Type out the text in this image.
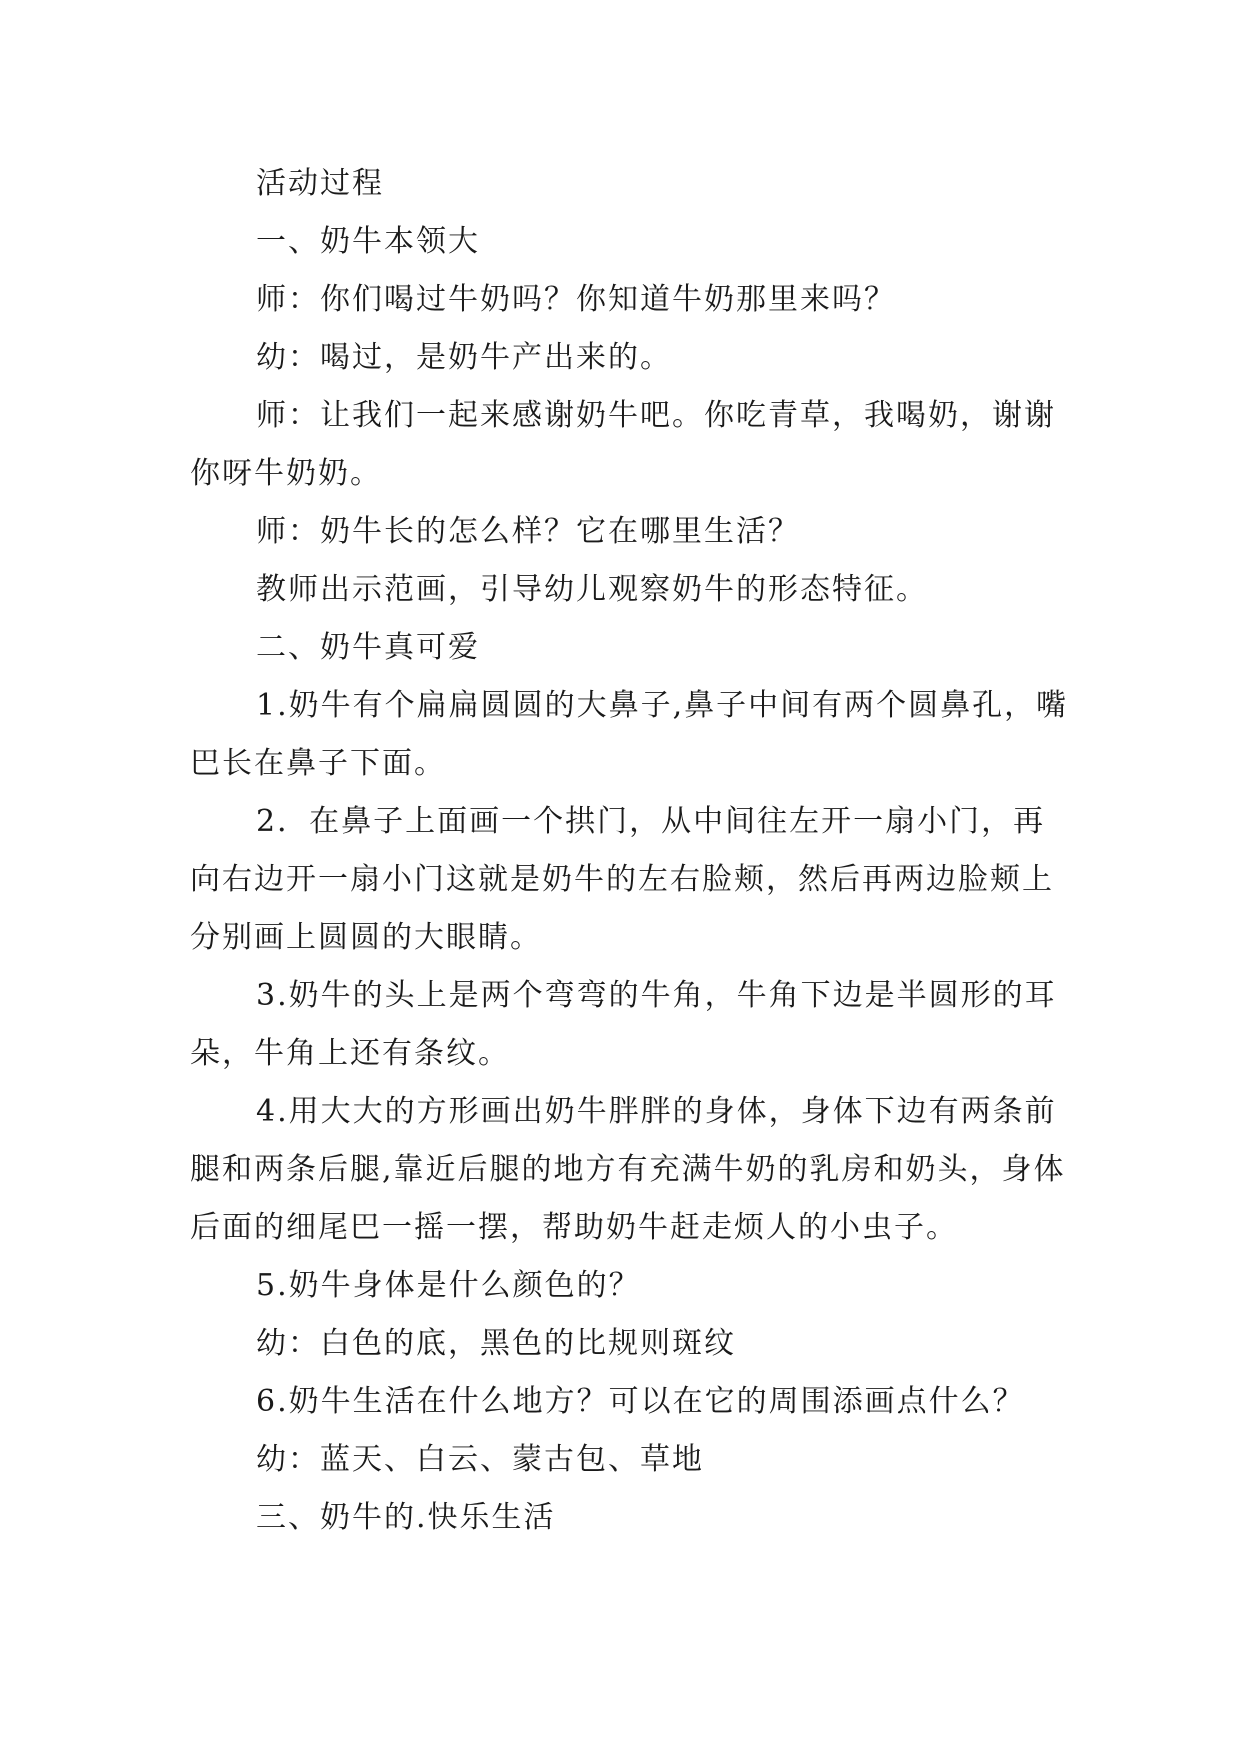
活动过程

一、奶牛本领大

师：你们喝过牛奶吗？你知道牛奶那里来吗？

幼：喝过，是奶牛产出来的。

师：让我们一起来感谢奶牛吧。你吃青草，我喝奶，谢谢你呀牛奶奶。

师：奶牛长的怎么样？它在哪里生活？

教师出示范画，引导幼儿观察奶牛的形态特征。

二、奶牛真可爱

1.奶牛有个扁扁圆圆的大鼻子,鼻子中间有两个圆鼻孔，嘴巴长在鼻子下面。

2．在鼻子上面画一个拱门，从中间往左开一扇小门，再向右边开一扇小门这就是奶牛的左右脸颊，然后再两边脸颊上分别画上圆圆的大眼睛。

3.奶牛的头上是两个弯弯的牛角，牛角下边是半圆形的耳朵，牛角上还有条纹。

4.用大大的方形画出奶牛胖胖的身体，身体下边有两条前腿和两条后腿,靠近后腿的地方有充满牛奶的乳房和奶头，身体后面的细尾巴一摇一摆，帮助奶牛赶走烦人的小虫子。

5.奶牛身体是什么颜色的？

幼：白色的底，黑色的比规则斑纹

6.奶牛生活在什么地方？可以在它的周围添画点什么？

幼：蓝天、白云、蒙古包、草地

三、奶牛的.快乐生活
